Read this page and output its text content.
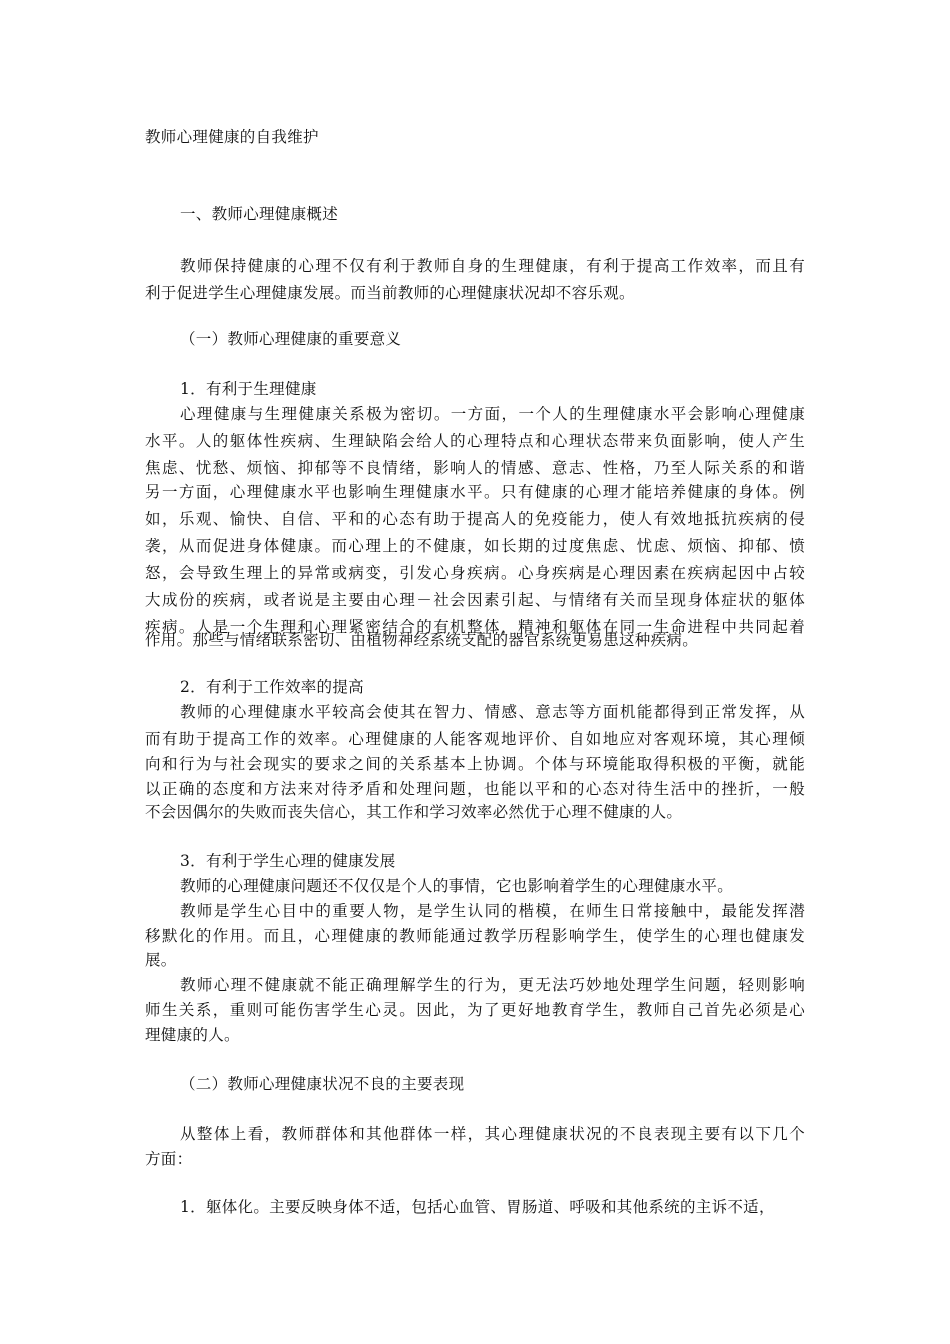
教师心理健康的自我维护
一、教师心理健康概述
教师保持健康的心理不仅有利于教师自身的生理健康，有利于提高工作效率，而且有
利于促进学生心理健康发展。而当前教师的心理健康状况却不容乐观。
（一）教师心理健康的重要意义
1．有利于生理健康
心理健康与生理健康关系极为密切。一方面，一个人的生理健康水平会影响心理健康
水平。人的躯体性疾病、生理缺陷会给人的心理特点和心理状态带来负面影响，使人产生
焦虑、忧愁、烦恼、抑郁等不良情绪，影响人的情感、意志、性格，乃至人际关系的和谐
另一方面，心理健康水平也影响生理健康水平。只有健康的心理才能培养健康的身体。例
如，乐观、愉快、自信、平和的心态有助于提高人的免疫能力，使人有效地抵抗疾病的侵
袭，从而促进身体健康。而心理上的不健康，如长期的过度焦虑、忧虑、烦恼、抑郁、愤
怒，会导致生理上的异常或病变，引发心身疾病。心身疾病是心理因素在疾病起因中占较
大成份的疾病，或者说是主要由心理－社会因素引起、与情绪有关而呈现身体症状的躯体
疾病。人是一个生理和心理紧密结合的有机整体，精神和躯体在同一生命进程中共同起着
作用。那些与情绪联系密切、由植物神经系统支配的器官系统更易患这种疾病。
2．有利于工作效率的提高
教师的心理健康水平较高会使其在智力、情感、意志等方面机能都得到正常发挥，从
而有助于提高工作的效率。心理健康的人能客观地评价、自如地应对客观环境，其心理倾
向和行为与社会现实的要求之间的关系基本上协调。个体与环境能取得积极的平衡，就能
以正确的态度和方法来对待矛盾和处理问题，也能以平和的心态对待生活中的挫折，一般
不会因偶尔的失败而丧失信心，其工作和学习效率必然优于心理不健康的人。
3．有利于学生心理的健康发展
教师的心理健康问题还不仅仅是个人的事情，它也影响着学生的心理健康水平。
教师是学生心目中的重要人物，是学生认同的楷模，在师生日常接触中，最能发挥潜
移默化的作用。而且，心理健康的教师能通过教学历程影响学生，使学生的心理也健康发
展。
教师心理不健康就不能正确理解学生的行为，更无法巧妙地处理学生问题，轻则影响
师生关系，重则可能伤害学生心灵。因此，为了更好地教育学生，教师自己首先必须是心
理健康的人。
（二）教师心理健康状况不良的主要表现
从整体上看，教师群体和其他群体一样，其心理健康状况的不良表现主要有以下几个
方面：
1．躯体化。主要反映身体不适，包括心血管、胃肠道、呼吸和其他系统的主诉不适，
